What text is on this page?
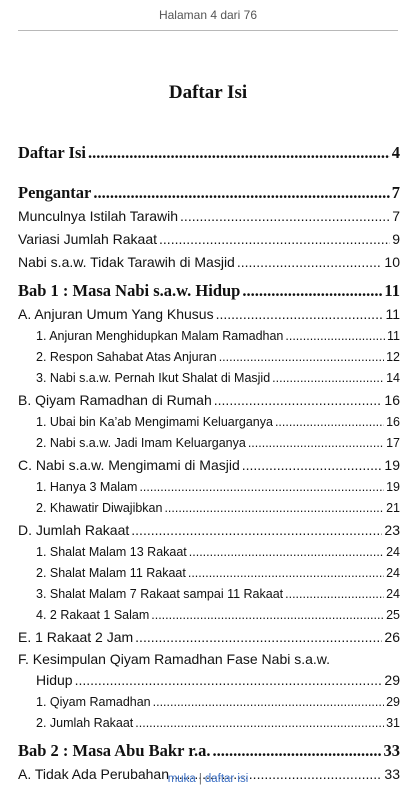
Halaman 4 dari 76
Daftar Isi
Daftar Isi .....	4
Pengantar .....	7
Munculnya Istilah Tarawih .....	7
Variasi Jumlah Rakaat .....	9
Nabi s.a.w. Tidak Tarawih di Masjid .....	10
Bab 1 : Masa Nabi s.a.w. Hidup .....	11
A. Anjuran Umum Yang Khusus .....	11
1. Anjuran Menghidupkan Malam Ramadhan .....	11
2. Respon Sahabat Atas Anjuran .....	12
3. Nabi s.a.w. Pernah Ikut Shalat di Masjid .....	14
B. Qiyam Ramadhan di Rumah .....	16
1. Ubai bin Ka’ab Mengimami Keluarganya .....	16
2. Nabi s.a.w. Jadi Imam Keluarganya .....	17
C. Nabi s.a.w. Mengimami di Masjid .....	19
1. Hanya 3 Malam .....	19
2. Khawatir Diwajibkan .....	21
D. Jumlah Rakaat .....	23
1. Shalat Malam 13 Rakaat .....	24
2. Shalat Malam 11 Rakaat .....	24
3. Shalat Malam 7 Rakaat sampai 11 Rakaat .....	24
4. 2 Rakaat 1 Salam .....	25
E. 1 Rakaat 2 Jam .....	26
F. Kesimpulan Qiyam Ramadhan Fase Nabi s.a.w.
Hidup .....	29
1. Qiyam Ramadhan .....	29
2. Jumlah Rakaat .....	31
Bab 2 : Masa Abu Bakr r.a. .....	33
A. Tidak Ada Perubahan .....	33
muka | daftar isi
